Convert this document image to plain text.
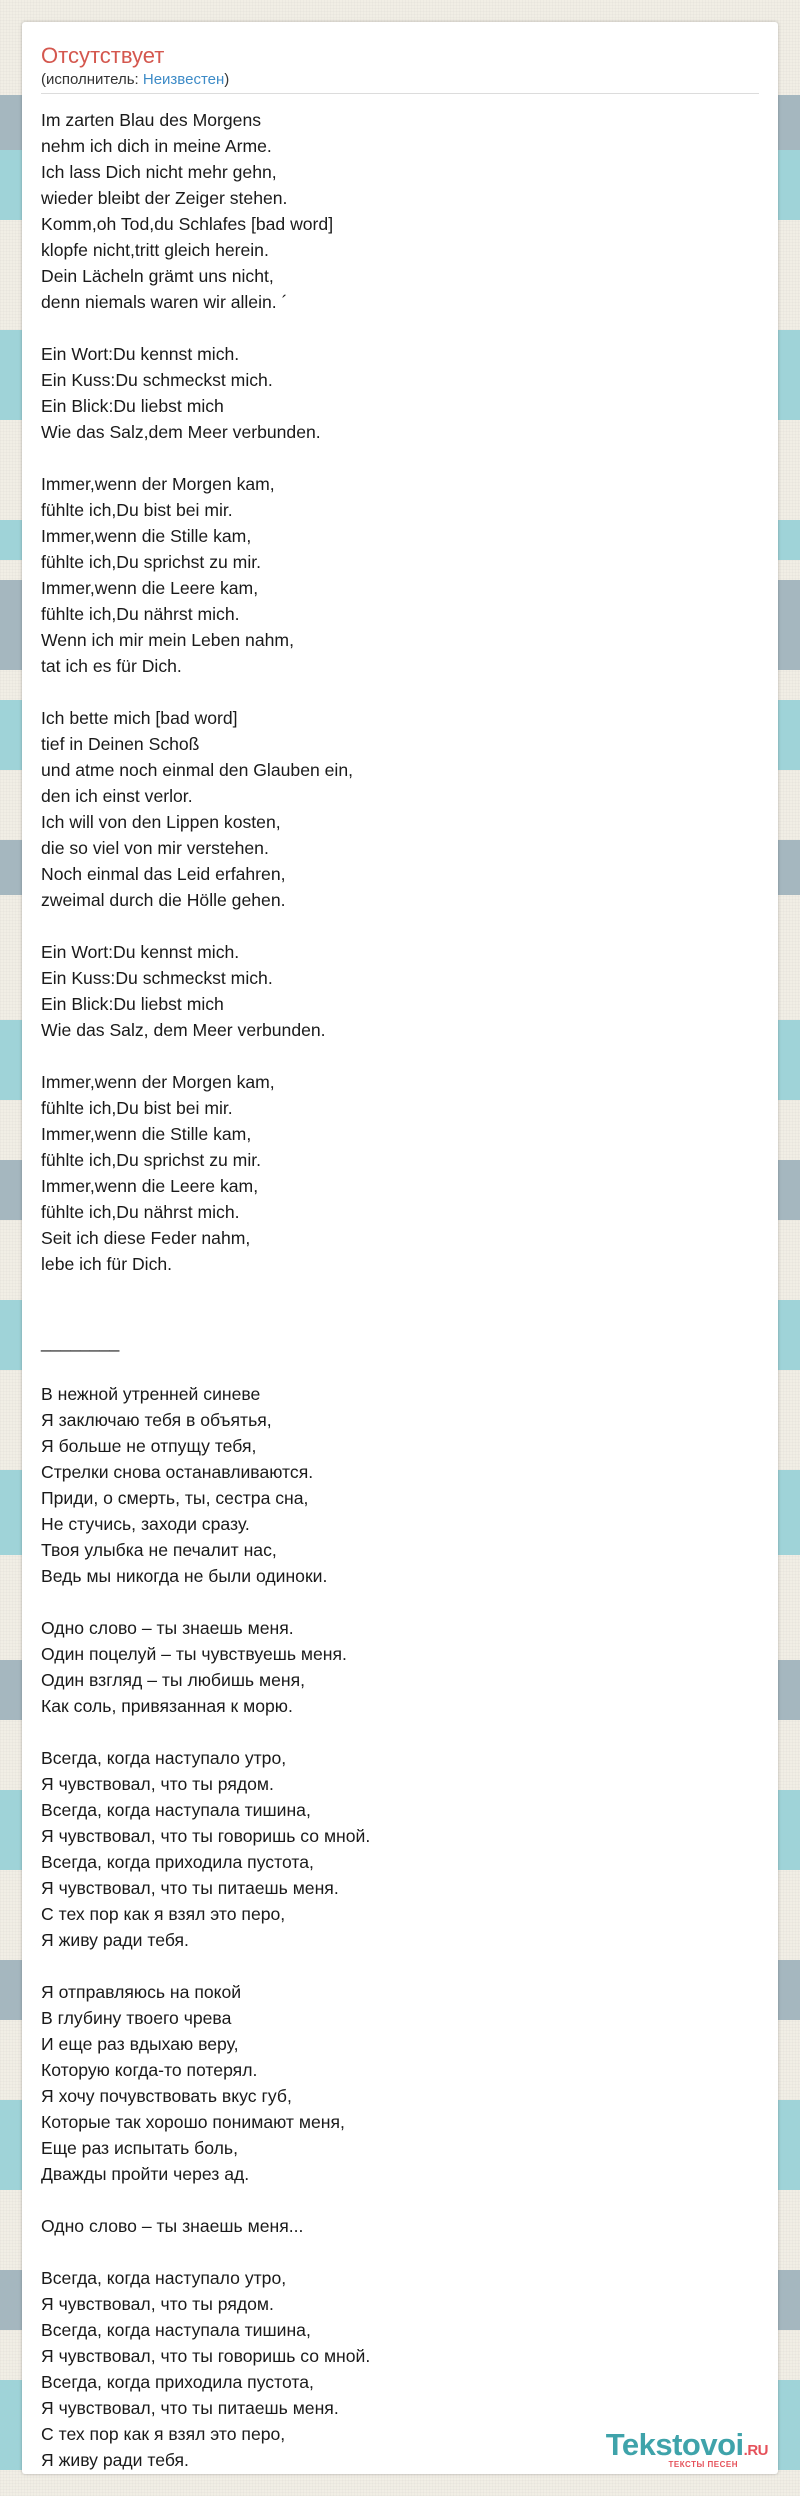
Отсутствует
(исполнитель: Неизвестен)
Im zarten Blau des Morgens
nehm ich dich in meine Arme.
Ich lass Dich nicht mehr gehn,
wieder bleibt der Zeiger stehen.
Komm,oh Tod,du Schlafes [bad word]
klopfe nicht,tritt gleich herein.
Dein Lächeln grämt uns nicht,
denn niemals waren wir allein. ´
Ein Wort:Du kennst mich.
Ein Kuss:Du schmeckst mich.
Ein Blick:Du liebst mich
Wie das Salz,dem Meer verbunden.
Immer,wenn der Morgen kam,
fühlte ich,Du bist bei mir.
Immer,wenn die Stille kam,
fühlte ich,Du sprichst zu mir.
Immer,wenn die Leere kam,
fühlte ich,Du nährst mich.
Wenn ich mir mein Leben nahm,
tat ich es für Dich.
Ich bette mich [bad word]
tief in Deinen Schoß
und atme noch einmal den Glauben ein,
den ich einst verlor.
Ich will von den Lippen kosten,
die so viel von mir verstehen.
Noch einmal das Leid erfahren,
zweimal durch die Hölle gehen.
Ein Wort:Du kennst mich.
Ein Kuss:Du schmeckst mich.
Ein Blick:Du liebst mich
Wie das Salz, dem Meer verbunden.
Immer,wenn der Morgen kam,
fühlte ich,Du bist bei mir.
Immer,wenn die Stille kam,
fühlte ich,Du sprichst zu mir.
Immer,wenn die Leere kam,
fühlte ich,Du nährst mich.
Seit ich diese Feder nahm,
lebe ich für Dich.
________
В нежной утренней синеве
Я заключаю тебя в объятья,
Я больше не отпущу тебя,
Стрелки снова останавливаются.
Приди, о смерть, ты, сестра сна,
Не стучись, заходи сразу.
Твоя улыбка не печалит нас,
Ведь мы никогда не были одиноки.
Одно слово – ты знаешь меня.
Один поцелуй – ты чувствуешь меня.
Один взгляд – ты любишь меня,
Как соль, привязанная к морю.
Всегда, когда наступало утро,
Я чувствовал, что ты рядом.
Всегда, когда наступала тишина,
Я чувствовал, что ты говоришь со мной.
Всегда, когда приходила пустота,
Я чувствовал, что ты питаешь меня.
С тех пор как я взял это перо,
Я живу ради тебя.
Я отправляюсь на покой
В глубину твоего чрева
И еще раз вдыхаю веру,
Которую когда-то потерял.
Я хочу почувствовать вкус губ,
Которые так хорошо понимают меня,
Еще раз испытать боль,
Дважды пройти через ад.
Одно слово – ты знаешь меня...
Всегда, когда наступало утро,
Я чувствовал, что ты рядом.
Всегда, когда наступала тишина,
Я чувствовал, что ты говоришь со мной.
Всегда, когда приходила пустота,
Я чувствовал, что ты питаешь меня.
С тех пор как я взял это перо,
Я живу ради тебя.	Tekstovoi.RU
ТЕКСТЫ ПЕСЕН
